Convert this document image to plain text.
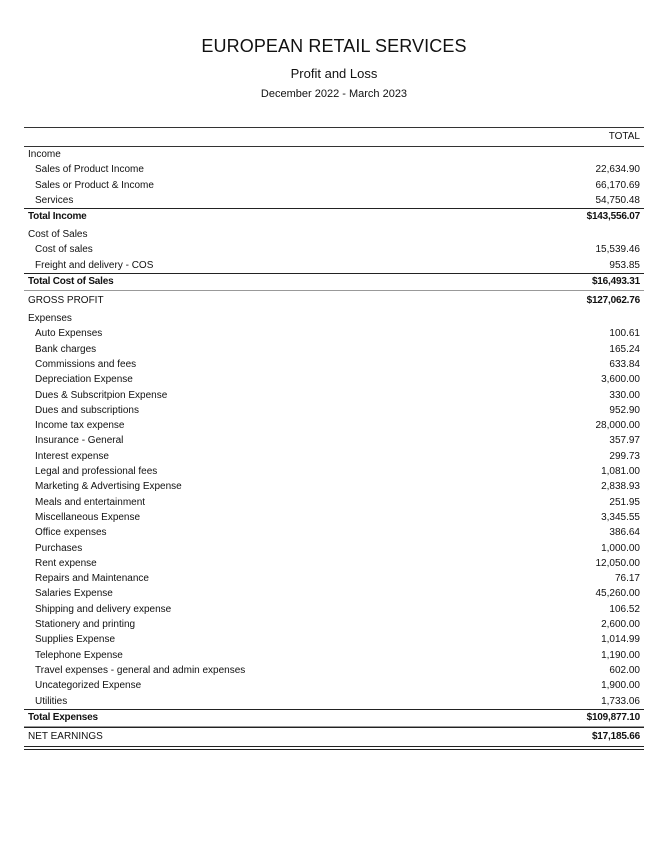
EUROPEAN RETAIL SERVICES
Profit and Loss
December 2022 - March 2023
TOTAL
Income
Sales of Product Income	22,634.90
Sales or Product & Income	66,170.69
Services	54,750.48
Total Income	$143,556.07
Cost of Sales
Cost of sales	15,539.46
Freight and delivery - COS	953.85
Total Cost of Sales	$16,493.31
GROSS PROFIT	$127,062.76
Expenses
Auto Expenses	100.61
Bank charges	165.24
Commissions and fees	633.84
Depreciation Expense	3,600.00
Dues & Subscritpion Expense	330.00
Dues and subscriptions	952.90
Income tax expense	28,000.00
Insurance - General	357.97
Interest expense	299.73
Legal and professional fees	1,081.00
Marketing & Advertising Expense	2,838.93
Meals and entertainment	251.95
Miscellaneous Expense	3,345.55
Office expenses	386.64
Purchases	1,000.00
Rent expense	12,050.00
Repairs and Maintenance	76.17
Salaries Expense	45,260.00
Shipping and delivery expense	106.52
Stationery and printing	2,600.00
Supplies Expense	1,014.99
Telephone Expense	1,190.00
Travel expenses - general and admin expenses	602.00
Uncategorized Expense	1,900.00
Utilities	1,733.06
Total Expenses	$109,877.10
NET EARNINGS	$17,185.66
